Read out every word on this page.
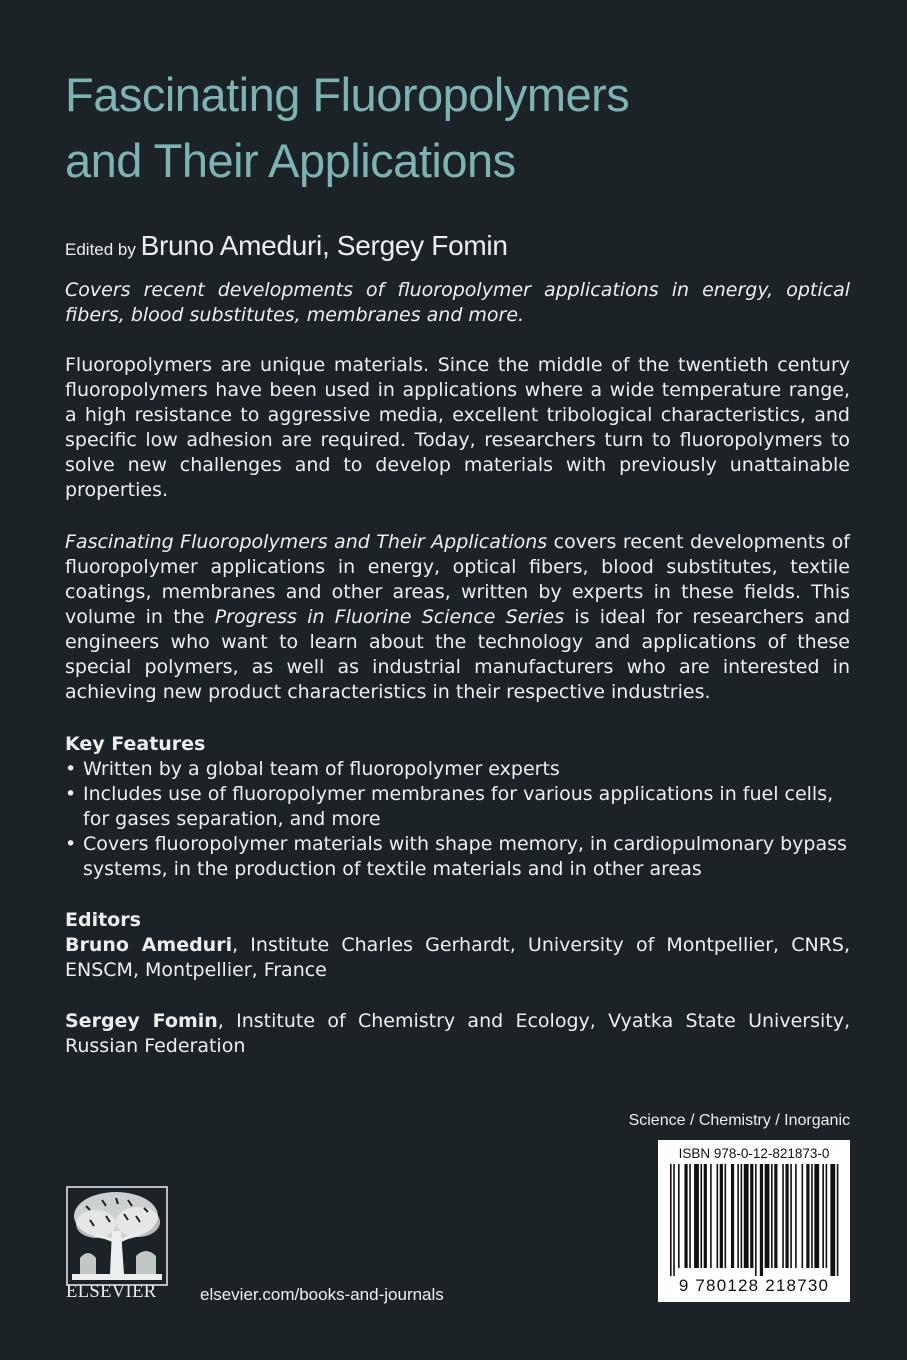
Fascinating Fluoropolymers
and Their Applications
Edited by Bruno Ameduri, Sergey Fomin
Covers recent developments of fluoropolymer applications in energy, optical fibers, blood substitutes, membranes and more.
Fluoropolymers are unique materials. Since the middle of the twentieth century fluoropolymers have been used in applications where a wide temperature range, a high resistance to aggressive media, excellent tribological characteristics, and specific low adhesion are required. Today, researchers turn to fluoropolymers to solve new challenges and to develop materials with previously unattainable properties.
Fascinating Fluoropolymers and Their Applications covers recent developments of fluoropolymer applications in energy, optical fibers, blood substitutes, textile coatings, membranes and other areas, written by experts in these fields. This volume in the Progress in Fluorine Science Series is ideal for researchers and engineers who want to learn about the technology and applications of these special polymers, as well as industrial manufacturers who are interested in achieving new product characteristics in their respective industries.
Key Features
• Written by a global team of fluoropolymer experts
• Includes use of fluoropolymer membranes for various applications in fuel cells, for gases separation, and more
• Covers fluoropolymer materials with shape memory, in cardiopulmonary bypass systems, in the production of textile materials and in other areas
Editors
Bruno Ameduri, Institute Charles Gerhardt, University of Montpellier, CNRS, ENSCM, Montpellier, France
Sergey Fomin, Institute of Chemistry and Ecology, Vyatka State University, Russian Federation
Science / Chemistry / Inorganic
ISBN 978-0-12-821873-0
9 780128 218730
ELSEVIER	elsevier.com/books-and-journals
